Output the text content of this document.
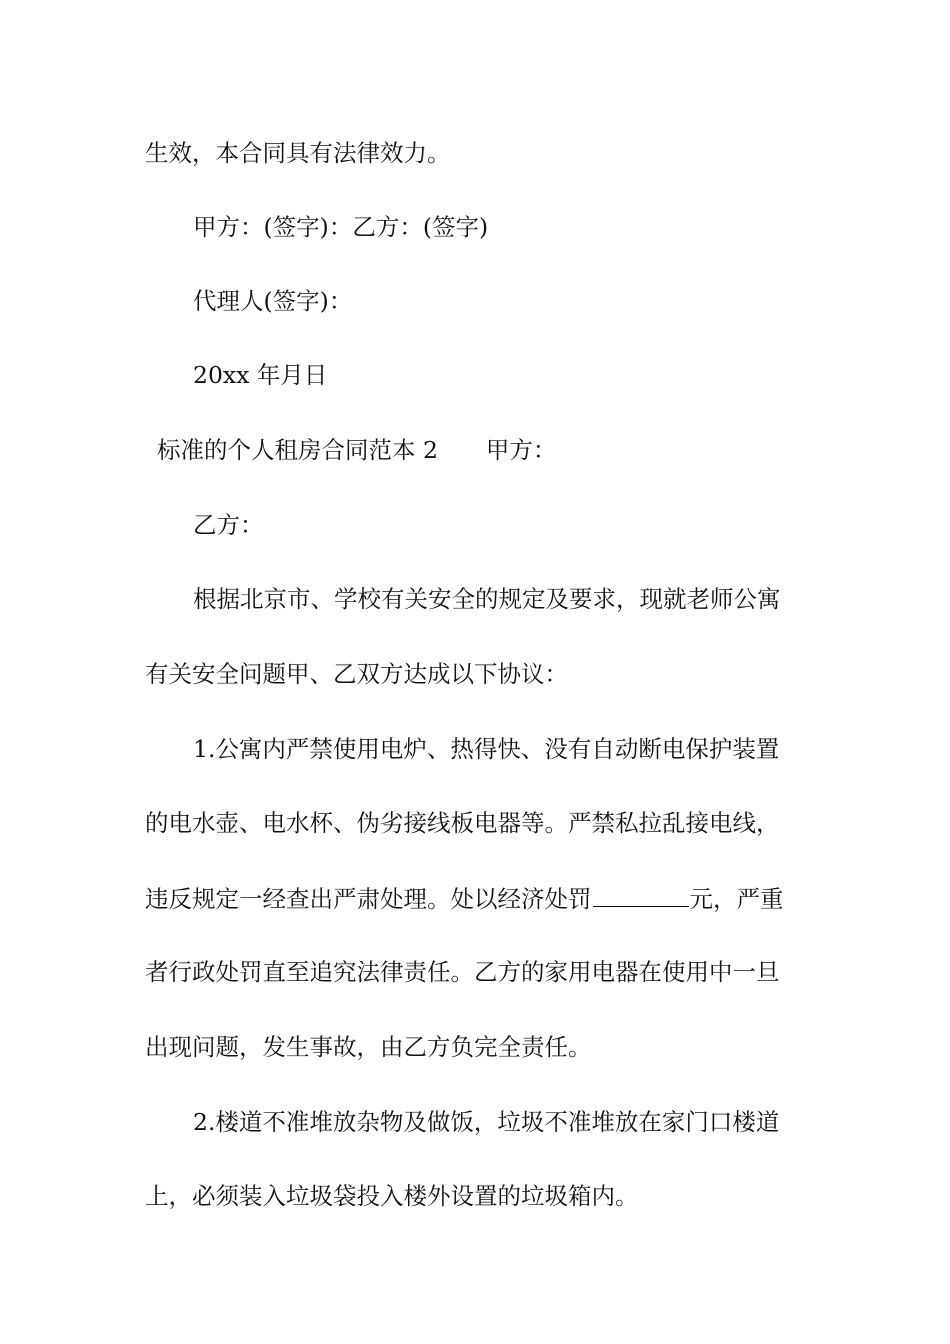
生效，本合同具有法律效力。
甲方：(签字)：乙方：(签字)
代理人(签字)：
20xx 年月日
标准的个人租房合同范本 2 甲方：
乙方：
根据北京市、学校有关安全的规定及要求，现就老师公寓
有关安全问题甲、乙双方达成以下协议：
1.公寓内严禁使用电炉、热得快、没有自动断电保护装置
的电水壶、电水杯、伪劣接线板电器等。严禁私拉乱接电线，
违反规定一经查出严肃处理。处以经济处罚	元，严重
者行政处罚直至追究法律责任。乙方的家用电器在使用中一旦
出现问题，发生事故，由乙方负完全责任。
2.楼道不准堆放杂物及做饭，垃圾不准堆放在家门口楼道
上，必须装入垃圾袋投入楼外设置的垃圾箱内。
